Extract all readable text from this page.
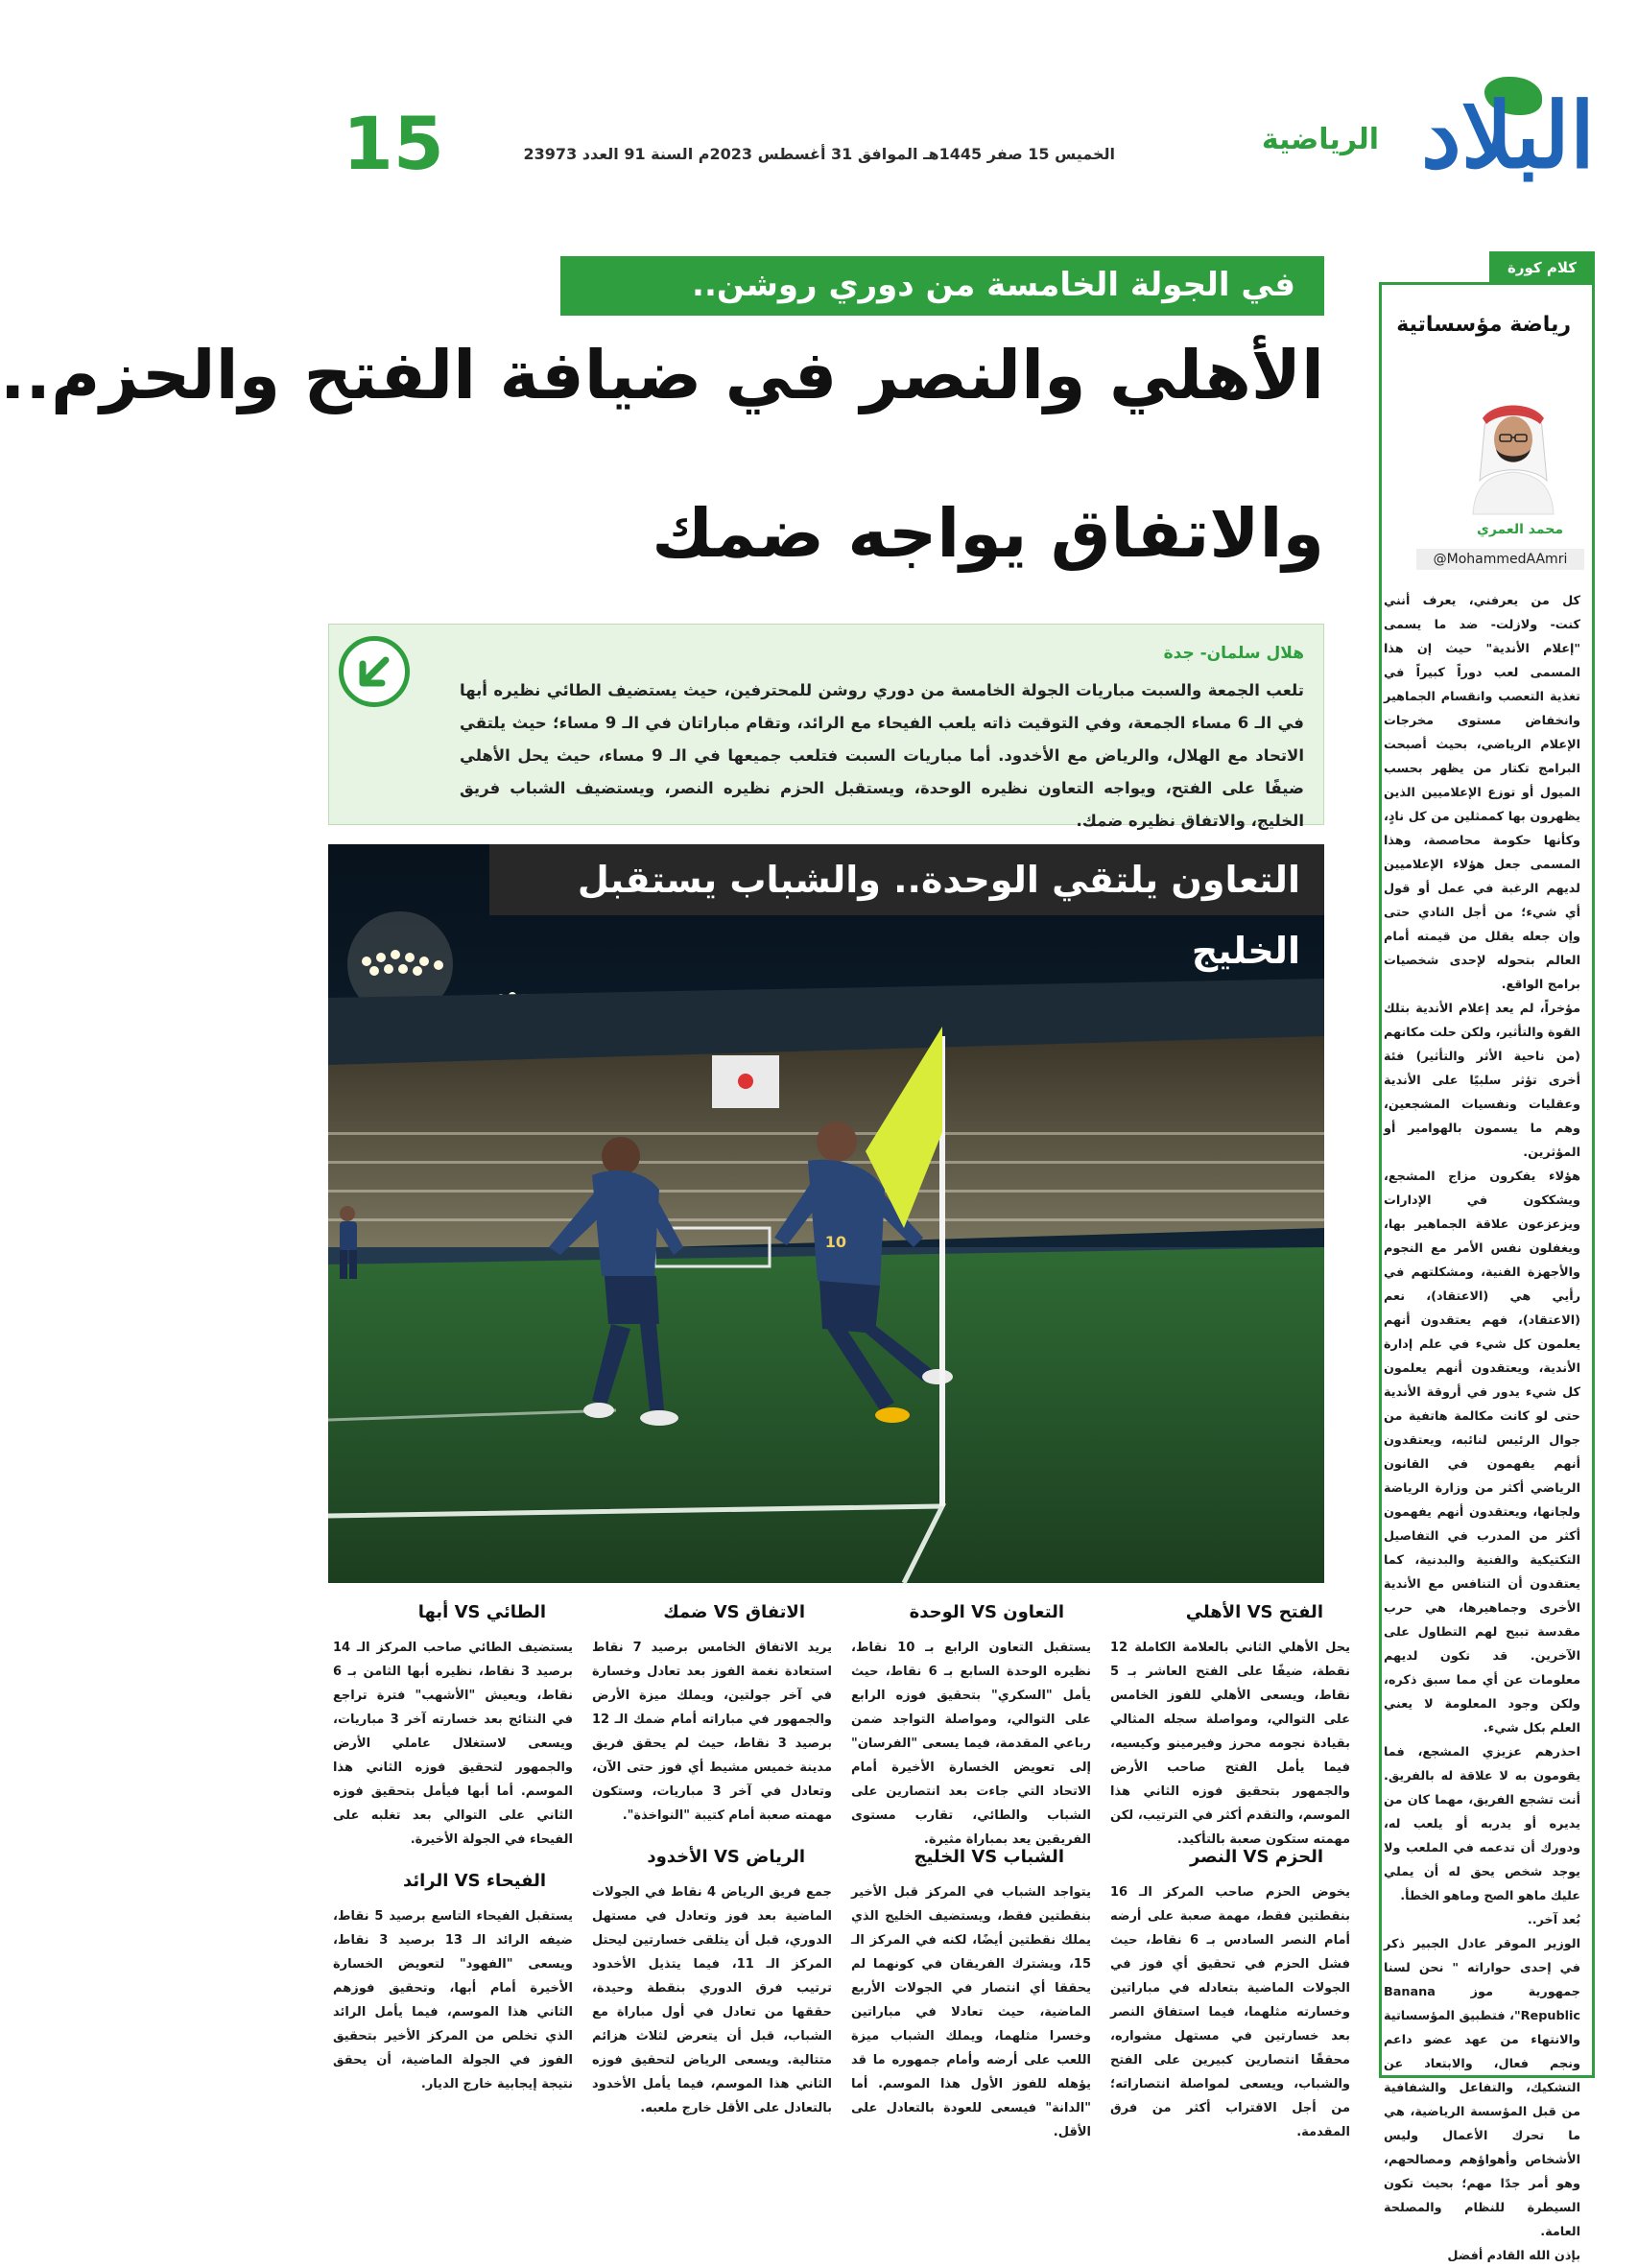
البلاد
الرياضية
الخميس 15 صفر 1445هـ الموافق 31 أغسطس 2023م السنة 91 العدد 23973
15
كلام كورة
رياضة مؤسساتية
محمد العمري
@MohammedAAmri

كل من يعرفني، يعرف أنني كنت- ولازلت- ضد ما يسمى "إعلام الأندية" حيث إن هذا المسمى لعب دوراً كبيراً في تغذية التعصب وانقسام الجماهير وانخفاض مستوى مخرجات الإعلام الرياضي، بحيث أصبحت البرامج تكتار من يظهر بحسب الميول أو توزع الإعلاميين الذين يظهرون بها كممثلين من كل نادٍ، وكأنها حكومة محاصصة، وهذا المسمى جعل هؤلاء الإعلاميين لديهم الرغبة في عمل أو قول أي شيء؛ من أجل النادي حتى وإن جعله يقلل من قيمته أمام العالم بتحوله لإحدى شخصيات برامج الواقع.

مؤخراً، لم يعد إعلام الأندية بتلك القوة والتأثير، ولكن حلت مكانهم (من ناحية الأثر والتأثير) فئة أخرى تؤثر سلبيًا على الأندية وعقليات ونفسيات المشجعين، وهم ما يسمون بالهوامير أو المؤثرين.

هؤلاء يفكرون مزاج المشجع، ويشككون في الإدارات ويزعزعون علاقة الجماهير بها، ويغفلون نفس الأمر مع النجوم والأجهزة الفنية، ومشكلتهم في رأيي هي (الاعتقاد)، نعم (الاعتقاد)، فهم يعتقدون أنهم يعلمون كل شيء في علم إدارة الأندية، ويعتقدون أنهم يعلمون كل شيء يدور في أروقة الأندية حتى لو كانت مكالمة هاتفية من جوال الرئيس لنائبه، ويعتقدون أنهم يفهمون في القانون الرياضي أكثر من وزارة الرياضة ولجانها، ويعتقدون أنهم يفهمون أكثر من المدرب في التفاصيل التكتيكية والفنية والبدنية، كما يعتقدون أن التنافس مع الأندية الأخرى وجماهيرها، هي حرب مقدسة تبيح لهم التطاول على الآخرين. قد تكون لديهم معلومات عن أي مما سبق ذكره، ولكن وجود المعلومة لا يعني العلم بكل شيء.

احذرهم عزيزي المشجع، فما يقومون به لا علاقة له بالفريق. أنت تشجع الفريق، مهما كان من يديره أو يدربه أو يلعب له، ودورك أن تدعمه في الملعب ولا يوجد شخص يحق له أن يملي عليك ماهو الصح وماهو الخطأ.

بُعد آخر..

الوزير الموقر عادل الجبير ذكر في إحدى حواراته " نحن لسنا جمهورية موز Banana Republic"، فتطبيق المؤسساتية والانتهاء من عهد عضو داعم ونجم فعال، والابتعاد عن التشكيك، والتفاعل والشفافية من قبل المؤسسة الرياضية، هي ما تحرك الأعمال وليس الأشخاص وأهواؤهم ومصالحهم، وهو أمر جدًا مهم؛ بحيث تكون السيطرة للنظام والمصلحة العامة.

بإذن الله القادم أفضل

في الجولة الخامسة من دوري روشن..
الأهلي والنصر في ضيافة الفتح والحزم..
والاتفاق يواجه ضمك
هلال سلمان- جدة
تلعب الجمعة والسبت مباريات الجولة الخامسة من دوري روشن للمحترفين، حيث يستضيف الطائي نظيره أبها في الـ 6 مساء الجمعة، وفي التوقيت ذاته يلعب الفيحاء مع الرائد، وتقام مباراتان في الـ 9 مساء؛ حيث يلتقي الاتحاد مع الهلال، والرياض مع الأخدود. أما مباريات السبت فتلعب جميعها في الـ 9 مساء، حيث يحل الأهلي ضيفًا على الفتح، ويواجه التعاون نظيره الوحدة، ويستقبل الحزم نظيره النصر، ويستضيف الشباب فريق الخليج، والاتفاق نظيره ضمك.
10
التعاون يلتقي الوحدة.. والشباب يستقبل الخليج
الفتح VS الأهلي

يحل الأهلي الثاني بالعلامة الكاملة 12 نقطة، ضيفًا على الفتح العاشر بـ 5 نقاط، ويسعى الأهلي للفوز الخامس على التوالي، ومواصلة سجله المثالي بقيادة نجومه محرز وفيرمينو وكيسيه، فيما يأمل الفتح صاحب الأرض والجمهور بتحقيق فوزه الثاني هذا الموسم، والتقدم أكثر في الترتيب، لكن مهمته ستكون صعبة بالتأكيد.

التعاون VS الوحدة

يستقبل التعاون الرابع بـ 10 نقاط، نظيره الوحدة السابع بـ 6 نقاط، حيث يأمل "السكري" بتحقيق فوزه الرابع على التوالي، ومواصلة التواجد ضمن رباعي المقدمة، فيما يسعى "الفرسان" إلى تعويض الخسارة الأخيرة أمام الاتحاد التي جاءت بعد انتصارين على الشباب والطائي، تقارب مستوى الفريقين يعد بمباراة مثيرة.

الاتفاق VS ضمك

يريد الاتفاق الخامس برصيد 7 نقاط استعادة نغمة الفوز بعد تعادل وخسارة في آخر جولتين، ويملك ميزة الأرض والجمهور في مباراته أمام ضمك الـ 12 برصيد 3 نقاط، حيث لم يحقق فريق مدينة خميس مشيط أي فوز حتى الآن، وتعادل في آخر 3 مباريات، وستكون مهمته صعبة أمام كتيبة "النواخذة".

الطائي VS أبها

يستضيف الطائي صاحب المركز الـ 14 برصيد 3 نقاط، نظيره أبها الثامن بـ 6 نقاط، ويعيش "الأشهب" فترة تراجع في النتائج بعد خسارته آخر 3 مباريات، ويسعى لاستغلال عاملي الأرض والجمهور لتحقيق فوزه الثاني هذا الموسم. أما أبها فيأمل بتحقيق فوزه الثاني على التوالي بعد تغلبه على الفيحاء في الجولة الأخيرة.

الحزم VS النصر

يخوض الحزم صاحب المركز الـ 16 بنقطتين فقط، مهمة صعبة على أرضه أمام النصر السادس بـ 6 نقاط، حيث فشل الحزم في تحقيق أي فوز في الجولات الماضية بتعادله في مباراتين وخسارته مثلهما، فيما استفاق النصر بعد خسارتين في مستهل مشواره، محققًا انتصارين كبيرين على الفتح والشباب، ويسعى لمواصلة انتصاراته؛ من أجل الاقتراب أكثر من فرق المقدمة.

الشباب VS الخليج

يتواجد الشباب في المركز قبل الأخير بنقطتين فقط، ويستضيف الخليج الذي يملك نقطتين أيضًا، لكنه في المركز الـ 15، ويشترك الفريقان في كونهما لم يحققا أي انتصار في الجولات الأربع الماضية، حيث تعادلا في مباراتين وخسرا مثلهما، ويملك الشباب ميزة اللعب على أرضه وأمام جمهوره ما قد يؤهله للفوز الأول هذا الموسم. أما "الدانة" فيسعى للعودة بالتعادل على الأقل.

الرياض VS الأخدود

جمع فريق الرياض 4 نقاط في الجولات الماضية بعد فوز وتعادل في مستهل الدوري، قبل أن يتلقى خسارتين ليحتل المركز الـ 11، فيما يتذيل الأخدود ترتيب فرق الدوري بنقطة وحيدة، حققها من تعادل في أول مباراة مع الشباب، قبل أن يتعرض لثلاث هزائم متتالية. ويسعى الرياض لتحقيق فوزه الثاني هذا الموسم، فيما يأمل الأخدود بالتعادل على الأقل خارج ملعبه.

الفيحاء VS الرائد

يستقبل الفيحاء التاسع برصيد 5 نقاط، ضيفه الرائد الـ 13 برصيد 3 نقاط، ويسعى "الفهود" لتعويض الخسارة الأخيرة أمام أبها، وتحقيق فوزهم الثاني هذا الموسم، فيما يأمل الرائد الذي تخلص من المركز الأخير بتحقيق الفوز في الجولة الماضية، أن يحقق نتيجة إيجابية خارج الديار.
